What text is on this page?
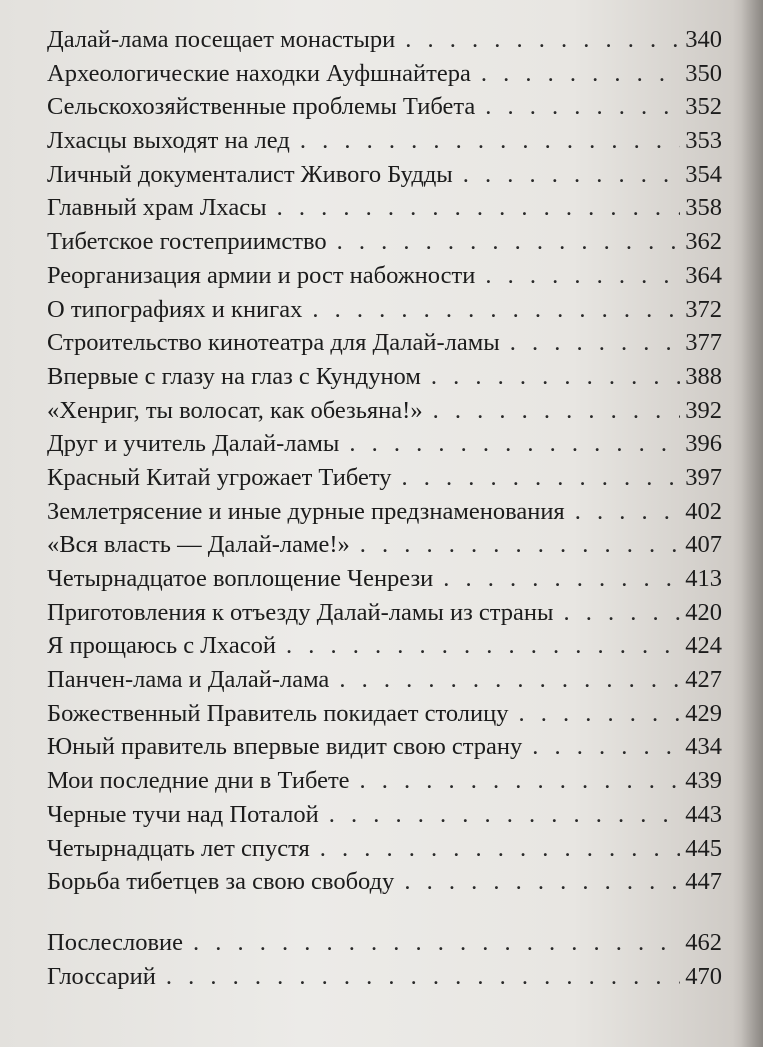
Далай-лама посещает монастыри . . .	340
Археологические находки Ауфшнайтера . . .	350
Сельскохозяйственные проблемы Тибета . . .	352
Лхасцы выходят на лед . . .	353
Личный документалист Живого Будды . . .	354
Главный храм Лхасы . . .	358
Тибетское гостеприимство . . .	362
Реорганизация армии и рост набожности . . .	364
О типографиях и книгах . . .	372
Строительство кинотеатра для Далай-ламы . . .	377
Впервые с глазу на глаз с Кундуном . . .	388
«Хенриг, ты волосат, как обезьяна!» . . .	392
Друг и учитель Далай-ламы . . .	396
Красный Китай угрожает Тибету . . .	397
Землетрясение и иные дурные предзнаменования . . .	402
«Вся власть — Далай-ламе!» . . .	407
Четырнадцатое воплощение Ченрези . . .	413
Приготовления к отъезду Далай-ламы из страны . . .	420
Я прощаюсь с Лхасой . . .	424
Панчен-лама и Далай-лама . . .	427
Божественный Правитель покидает столицу . . .	429
Юный правитель впервые видит свою страну . . .	434
Мои последние дни в Тибете . . .	439
Черные тучи над Поталой . . .	443
Четырнадцать лет спустя . . .	445
Борьба тибетцев за свою свободу . . .	447
Послесловие . . .	462
Глоссарий . . .	470
